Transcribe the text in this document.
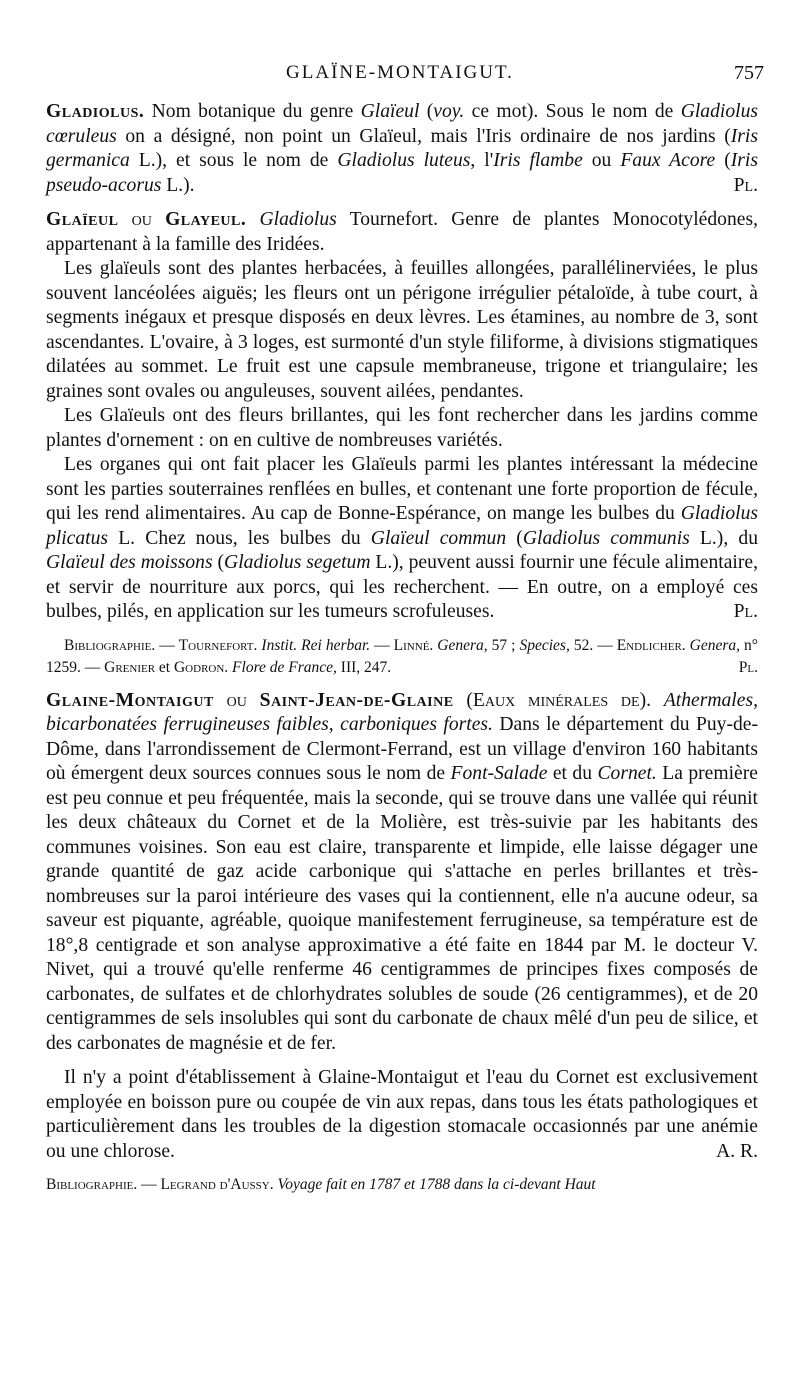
GLAÏNE-MONTAIGUT.	757

Gladiolus. Nom botanique du genre Glaïeul (voy. ce mot). Sous le nom de Gladiolus cœruleus on a désigné, non point un Glaïeul, mais l'Iris ordinaire de nos jardins (Iris germanica L.), et sous le nom de Gladiolus luteus, l'Iris flambe ou Faux Acore (Iris pseudo-acorus L.).	Pl.

Glaïeul ou Glayeul. Gladiolus Tournefort. Genre de plantes Monocotylédones, appartenant à la famille des Iridées.

Les glaïeuls sont des plantes herbacées, à feuilles allongées, parallélinerviées, le plus souvent lancéolées aiguës; les fleurs ont un périgone irrégulier pétaloïde, à tube court, à segments inégaux et presque disposés en deux lèvres. Les étamines, au nombre de 3, sont ascendantes. L'ovaire, à 3 loges, est surmonté d'un style filiforme, à divisions stigmatiques dilatées au sommet. Le fruit est une capsule membraneuse, trigone et triangulaire; les graines sont ovales ou anguleuses, souvent ailées, pendantes.

Les Glaïeuls ont des fleurs brillantes, qui les font rechercher dans les jardins comme plantes d'ornement : on en cultive de nombreuses variétés.

Les organes qui ont fait placer les Glaïeuls parmi les plantes intéressant la médecine sont les parties souterraines renflées en bulles, et contenant une forte proportion de fécule, qui les rend alimentaires. Au cap de Bonne-Espérance, on mange les bulbes du Gladiolus plicatus L. Chez nous, les bulbes du Glaïeul commun (Gladiolus communis L.), du Glaïeul des moissons (Gladiolus segetum L.), peuvent aussi fournir une fécule alimentaire, et servir de nourriture aux porcs, qui les recherchent. — En outre, on a employé ces bulbes, pilés, en application sur les tumeurs scrofuleuses.	Pl.

Bibliographie. — Tournefort. Instit. Rei herbar. — Linné. Genera, 57 ; Species, 52. — Endlicher. Genera, n° 1259. — Grenier et Godron. Flore de France, III, 247.	Pl.

Glaine-Montaigut ou Saint-Jean-de-Glaine (Eaux minérales de). Athermales, bicarbonatées ferrugineuses faibles, carboniques fortes. Dans le département du Puy-de-Dôme, dans l'arrondissement de Clermont-Ferrand, est un village d'environ 160 habitants où émergent deux sources connues sous le nom de Font-Salade et du Cornet. La première est peu connue et peu fréquentée, mais la seconde, qui se trouve dans une vallée qui réunit les deux châteaux du Cornet et de la Molière, est très-suivie par les habitants des communes voisines. Son eau est claire, transparente et limpide, elle laisse dégager une grande quantité de gaz acide carbonique qui s'attache en perles brillantes et très-nombreuses sur la paroi intérieure des vases qui la contiennent, elle n'a aucune odeur, sa saveur est piquante, agréable, quoique manifestement ferrugineuse, sa température est de 18°,8 centigrade et son analyse approximative a été faite en 1844 par M. le docteur V. Nivet, qui a trouvé qu'elle renferme 46 centigrammes de principes fixes composés de carbonates, de sulfates et de chlorhydrates solubles de soude (26 centigrammes), et de 20 centigrammes de sels insolubles qui sont du carbonate de chaux mêlé d'un peu de silice, et des carbonates de magnésie et de fer.

Il n'y a point d'établissement à Glaine-Montaigut et l'eau du Cornet est exclusivement employée en boisson pure ou coupée de vin aux repas, dans tous les états pathologiques et particulièrement dans les troubles de la digestion stomacale occasionnés par une anémie ou une chlorose.	A. R.

Bibliographie. — Legrand d'Aussy. Voyage fait en 1787 et 1788 dans la ci-devant Haut
